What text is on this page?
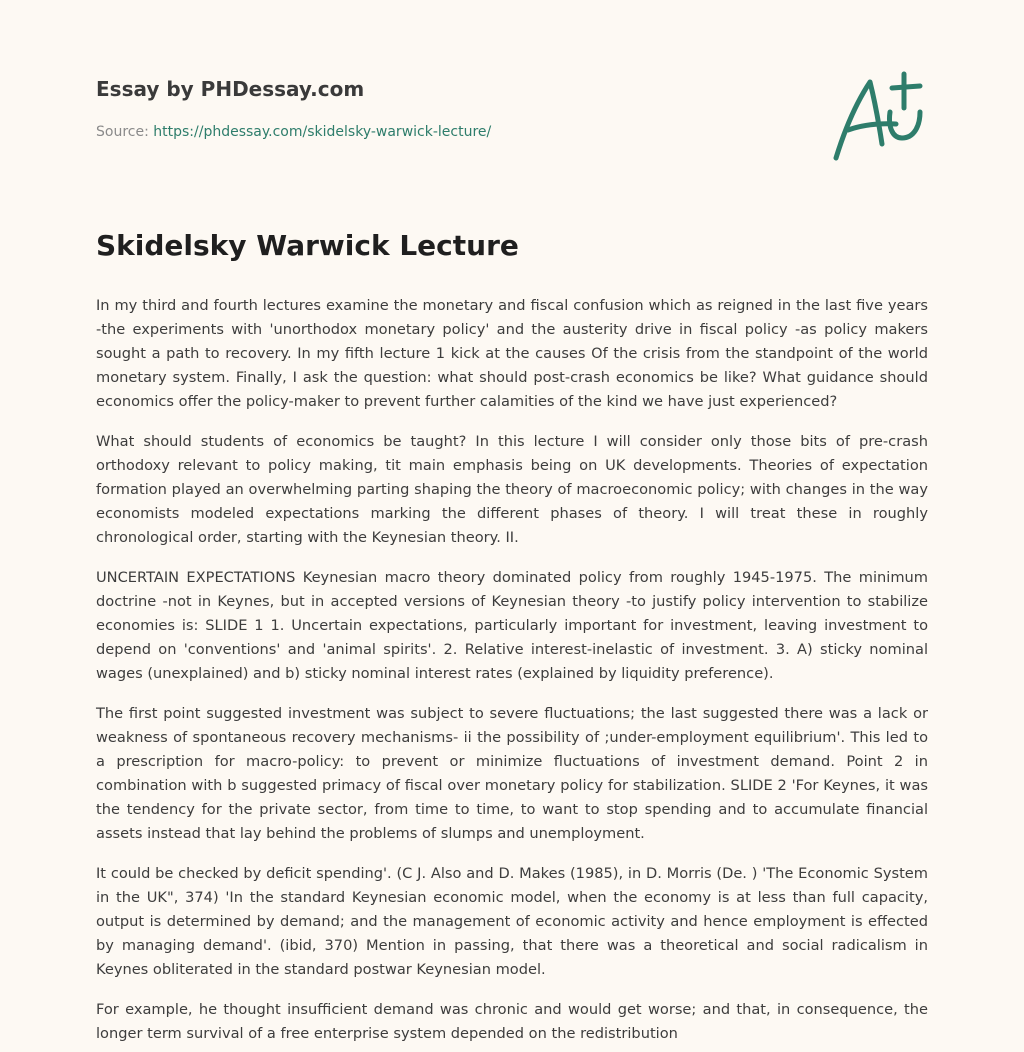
Essay by PHDessay.com
Source: https://phdessay.com/skidelsky-warwick-lecture/
Skidelsky Warwick Lecture

In my third and fourth lectures examine the monetary and fiscal confusion which as reigned in the last five years -the experiments with 'unorthodox monetary policy' and the austerity drive in fiscal policy -as policy makers sought a path to recovery. In my fifth lecture 1 kick at the causes Of the crisis from the standpoint of the world monetary system. Finally, I ask the question: what should post-crash economics be like? What guidance should economics offer the policy-maker to prevent further calamities of the kind we have just experienced?

What should students of economics be taught? In this lecture I will consider only those bits of pre-crash orthodoxy relevant to policy making, tit main emphasis being on UK developments. Theories of expectation formation played an overwhelming parting shaping the theory of macroeconomic policy; with changes in the way economists modeled expectations marking the different phases of theory. I will treat these in roughly chronological order, starting with the Keynesian theory. II.

UNCERTAIN EXPECTATIONS Keynesian macro theory dominated policy from roughly 1945-1975. The minimum doctrine -not in Keynes, but in accepted versions of Keynesian theory -to justify policy intervention to stabilize economies is: SLIDE 1 1. Uncertain expectations, particularly important for investment, leaving investment to depend on 'conventions' and 'animal spirits'. 2. Relative interest-inelastic of investment. 3. A) sticky nominal wages (unexplained) and b) sticky nominal interest rates (explained by liquidity preference).

The first point suggested investment was subject to severe fluctuations; the last suggested there was a lack or weakness of spontaneous recovery mechanisms- ii the possibility of ;under-employment equilibrium'. This led to a prescription for macro-policy: to prevent or minimize fluctuations of investment demand. Point 2 in combination with b suggested primacy of fiscal over monetary policy for stabilization. SLIDE 2 'For Keynes, it was the tendency for the private sector, from time to time, to want to stop spending and to accumulate financial assets instead that lay behind the problems of slumps and unemployment.

It could be checked by deficit spending'. (C J. Also and D. Makes (1985), in D. Morris (De. ) 'The Economic System in the UK", 374) 'In the standard Keynesian economic model, when the economy is at less than full capacity, output is determined by demand; and the management of economic activity and hence employment is effected by managing demand'. (ibid, 370) Mention in passing, that there was a theoretical and social radicalism in Keynes obliterated in the standard postwar Keynesian model.

For example, he thought insufficient demand was chronic and would get worse; and that, in consequence, the longer term survival of a free enterprise system depended on the redistribution
